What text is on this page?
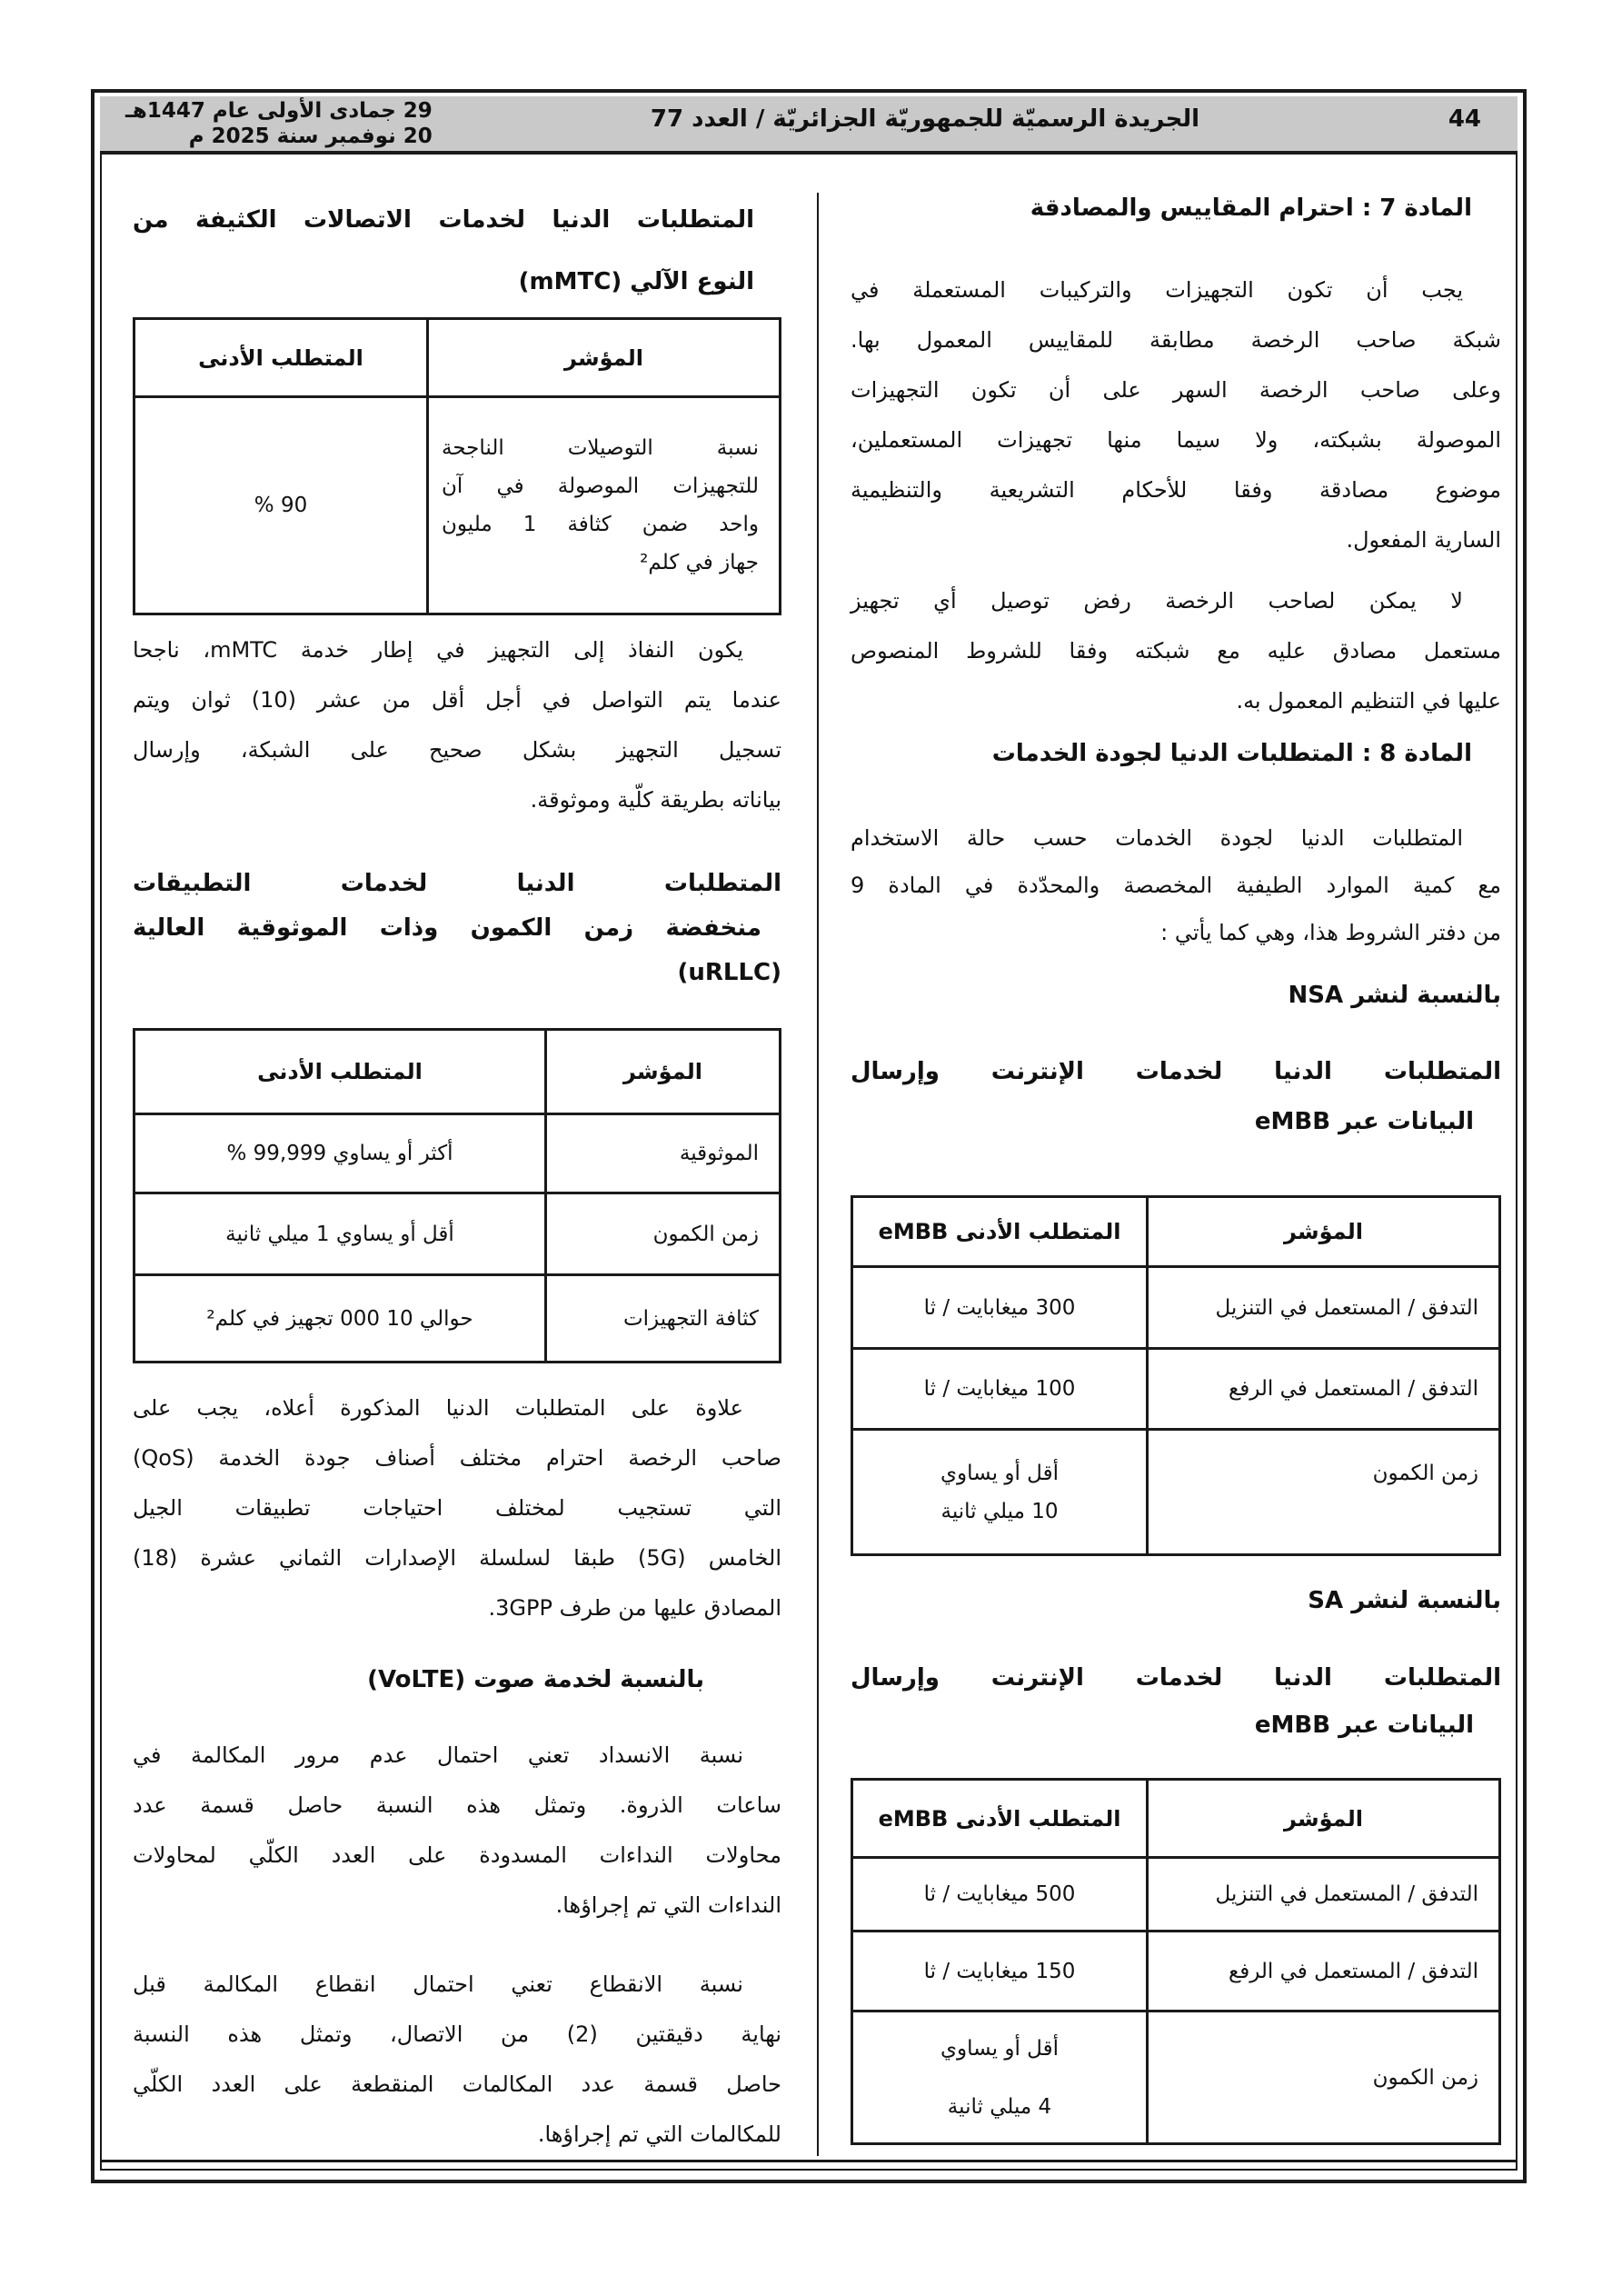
44
الجريدة الرسميّة للجمهوريّة الجزائريّة / العدد 77
29 جمادى الأولى عام 1447هـ
20 نوفمبر سنة 2025 م
المادة 7 : احترام المقاييس والمصادقة
يجب أن تكون التجهيزات والتركيبات المستعملة في
شبكة صاحب الرخصة مطابقة للمقاييس المعمول بها.
وعلى صاحب الرخصة السهر على أن تكون التجهيزات
الموصولة بشبكته، ولا سيما منها تجهيزات المستعملين،
موضوع مصادقة وفقا للأحكام التشريعية والتنظيمية
السارية المفعول.
لا يمكن لصاحب الرخصة رفض توصيل أي تجهيز
مستعمل مصادق عليه مع شبكته وفقا للشروط المنصوص
عليها في التنظيم المعمول به.
المادة 8 : المتطلبات الدنيا لجودة الخدمات
المتطلبات الدنيا لجودة الخدمات حسب حالة الاستخدام
مع كمية الموارد الطيفية المخصصة والمحدّدة في المادة 9
من دفتر الشروط هذا، وهي كما يأتي :
بالنسبة لنشر NSA
المتطلبات الدنيا لخدمات الإنترنت وإرسال
البيانات عبر eMBB
المؤشر	المتطلب الأدنى eMBB

التدفق / المستعمل في التنزيل	300 ميغابايت / ثا

التدفق / المستعمل في الرفع	100 ميغابايت / ثا

زمن الكمون	أقل أو يساوي
10 ميلي ثانية
بالنسبة لنشر SA
المتطلبات الدنيا لخدمات الإنترنت وإرسال
البيانات عبر eMBB
المؤشر	المتطلب الأدنى eMBB

التدفق / المستعمل في التنزيل	500 ميغابايت / ثا

التدفق / المستعمل في الرفع	150 ميغابايت / ثا

زمن الكمون	أقل أو يساوي
4 ميلي ثانية
المتطلبات الدنيا لخدمات الاتصالات الكثيفة من
النوع الآلي (mMTC)
المؤشر	المتطلب الأدنى

نسبة التوصيلات الناجحة
للتجهيزات الموصولة في آن
واحد ضمن كثافة 1 مليون
جهاز في كلم²	90 %
يكون النفاذ إلى التجهيز في إطار خدمة mMTC، ناجحا
عندما يتم التواصل في أجل أقل من عشر (10) ثوان ويتم
تسجيل التجهيز بشكل صحيح على الشبكة، وإرسال
بياناته بطريقة كلّية وموثوقة.
المتطلبات الدنيا لخدمات التطبيقات
منخفضة زمن الكمون وذات الموثوقية العالية
(uRLLC)
المؤشر	المتطلب الأدنى

الموثوقية	أكثر أو يساوي 99,999 %

زمن الكمون	أقل أو يساوي 1 ميلي ثانية

كثافة التجهيزات	حوالي 10 000 تجهيز في كلم²
علاوة على المتطلبات الدنيا المذكورة أعلاه، يجب على
صاحب الرخصة احترام مختلف أصناف جودة الخدمة (QoS)
التي تستجيب لمختلف احتياجات تطبيقات الجيل
الخامس (5G) طبقا لسلسلة الإصدارات الثماني عشرة (18)
المصادق عليها من طرف 3GPP.
بالنسبة لخدمة صوت (VoLTE)
نسبة الانسداد تعني احتمال عدم مرور المكالمة في
ساعات الذروة. وتمثل هذه النسبة حاصل قسمة عدد
محاولات النداءات المسدودة على العدد الكلّي لمحاولات
النداءات التي تم إجراؤها.
نسبة الانقطاع تعني احتمال انقطاع المكالمة قبل
نهاية دقيقتين (2) من الاتصال، وتمثل هذه النسبة
حاصل قسمة عدد المكالمات المنقطعة على العدد الكلّي
للمكالمات التي تم إجراؤها.
